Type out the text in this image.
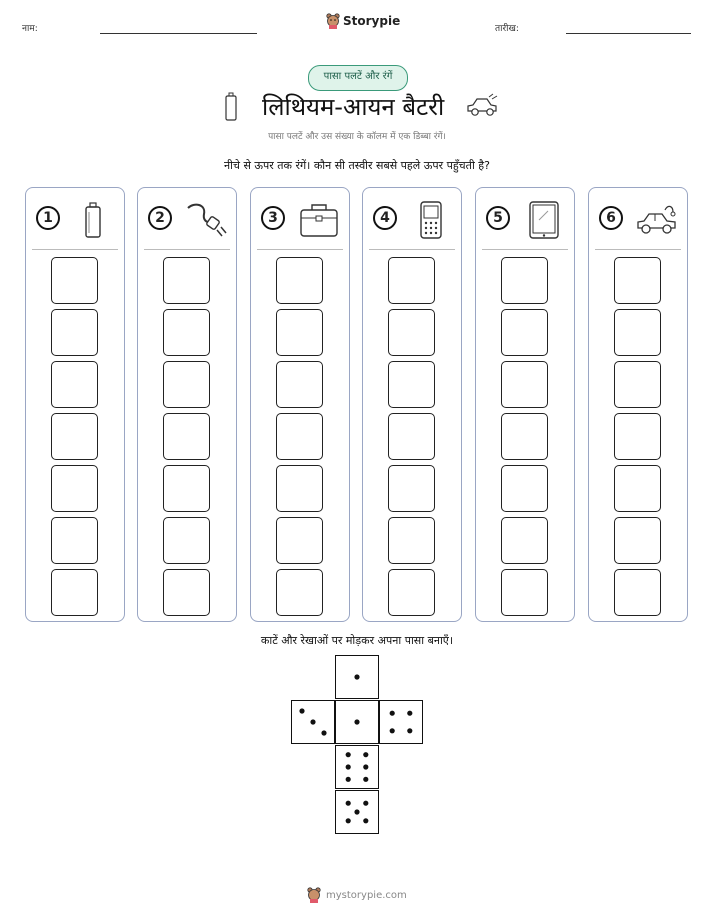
नाम:
Storypie
तारीख:
पासा पलटें और रंगें
लिथियम-आयन बैटरी
पासा पलटें और उस संख्या के कॉलम में एक डिब्बा रंगें।
नीचे से ऊपर तक रंगें। कौन सी तस्वीर सबसे पहले ऊपर पहुँचती है?
1	2	3	4	5	6
काटें और रेखाओं पर मोड़कर अपना पासा बनाएँ।
mystorypie.com
